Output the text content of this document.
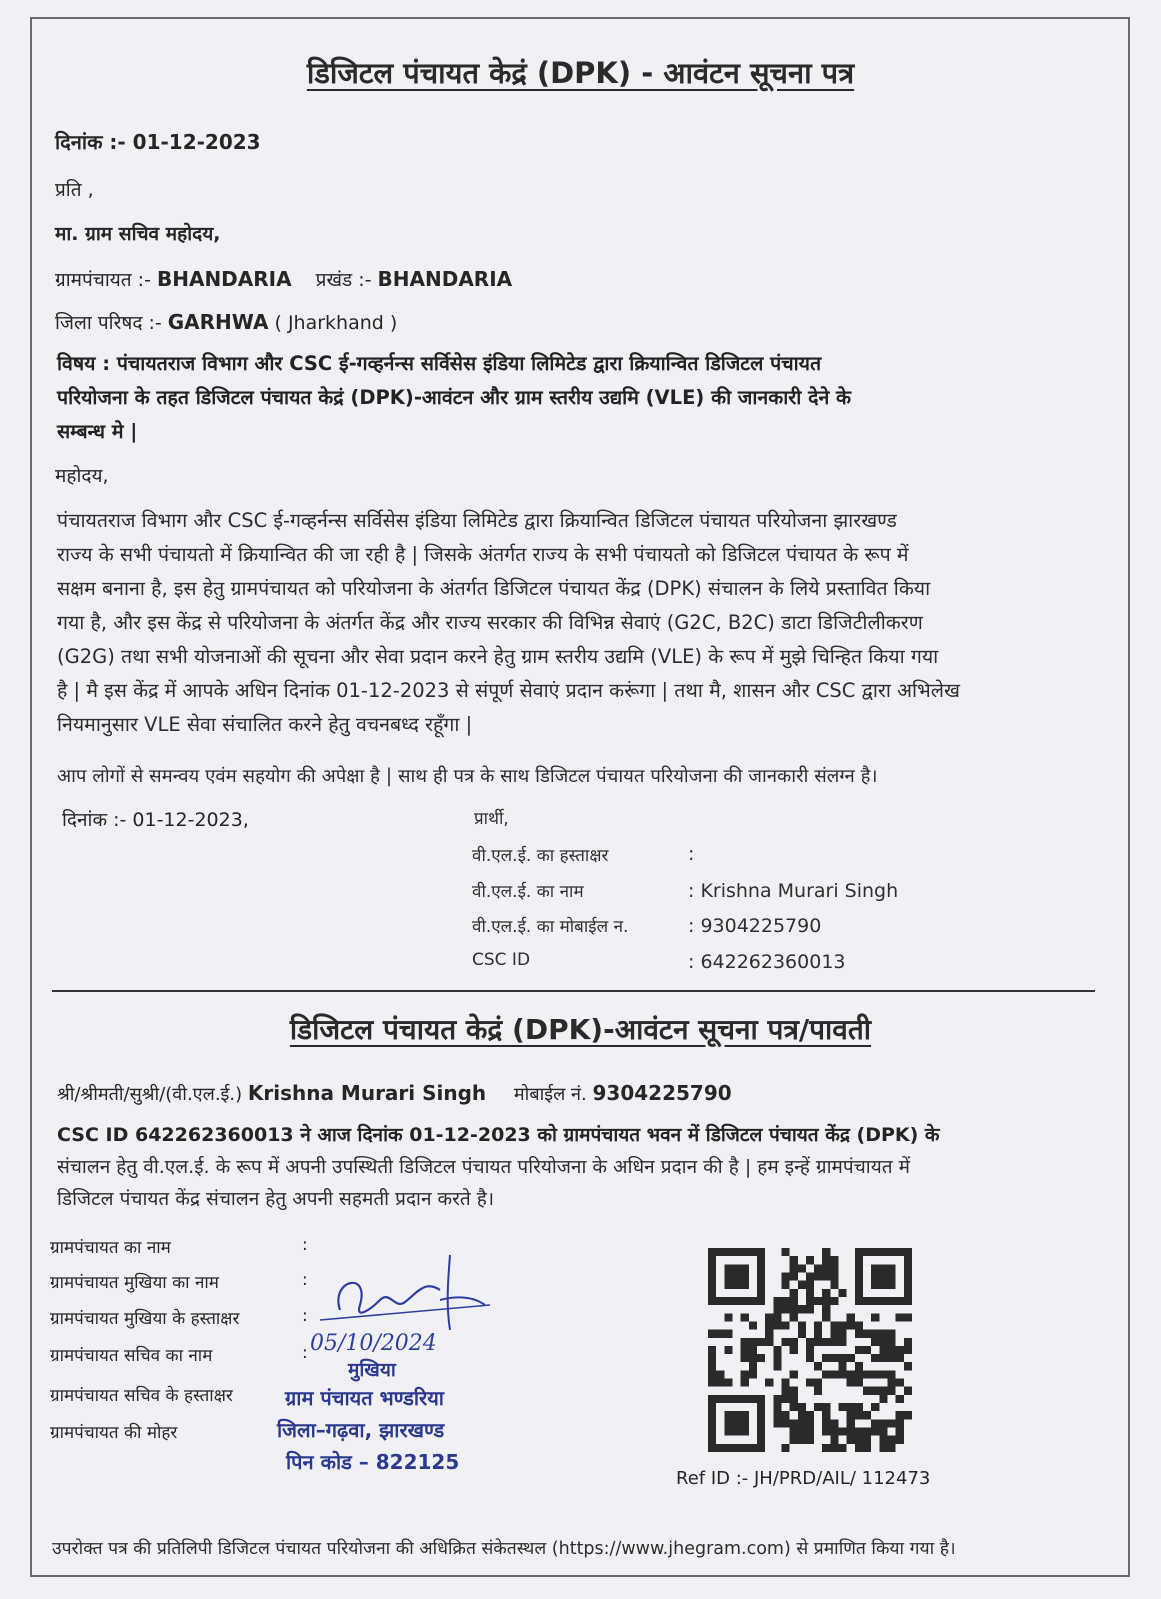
डिजिटल पंचायत केद्रं (DPK) - आवंटन सूचना पत्र
दिनांक :- 01-12-2023
प्रति ,
मा. ग्राम सचिव महोदय,
ग्रामपंचायत :- BHANDARIA प्रखंड :- BHANDARIA
जिला परिषद :- GARHWA ( Jharkhand )
विषय : पंचायतराज विभाग और CSC ई-गव्हर्नन्स सर्विसेस इंडिया लिमिटेड द्वारा क्रियान्वित डिजिटल पंचायत
परियोजना के तहत डिजिटल पंचायत केद्रं (DPK)-आवंटन और ग्राम स्तरीय उद्यमि (VLE) की जानकारी देने के
सम्बन्ध मे |
महोदय,
पंचायतराज विभाग और CSC ई-गव्हर्नन्स सर्विसेस इंडिया लिमिटेड द्वारा क्रियान्वित डिजिटल पंचायत परियोजना झारखण्ड
राज्य के सभी पंचायतो में क्रियान्वित की जा रही है | जिसके अंतर्गत राज्य के सभी पंचायतो को डिजिटल पंचायत के रूप में
सक्षम बनाना है, इस हेतु ग्रामपंचायत को परियोजना के अंतर्गत डिजिटल पंचायत केंद्र (DPK) संचालन के लिये प्रस्तावित किया
गया है, और इस केंद्र से परियोजना के अंतर्गत केंद्र और राज्य सरकार की विभिन्न सेवाएं (G2C, B2C) डाटा डिजिटीलीकरण
(G2G) तथा सभी योजनाओं की सूचना और सेवा प्रदान करने हेतु ग्राम स्तरीय उद्यमि (VLE) के रूप में मुझे चिन्हित किया गया
है | मै इस केंद्र में आपके अधिन दिनांक 01-12-2023 से संपूर्ण सेवाएं प्रदान करूंगा | तथा मै, शासन और CSC द्वारा अभिलेख
नियमानुसार VLE सेवा संचालित करने हेतु वचनबध्द रहूँगा |
आप लोगों से समन्वय एवंम सहयोग की अपेक्षा है | साथ ही पत्र के साथ डिजिटल पंचायत परियोजना की जानकारी संलग्न है।
दिनांक :- 01-12-2023,	प्रार्थी,
वी.एल.ई. का हस्ताक्षर	:
वी.एल.ई. का नाम	: Krishna Murari Singh
वी.एल.ई. का मोबाईल न.	: 9304225790
CSC ID	: 642262360013
डिजिटल पंचायत केद्रं (DPK)-आवंटन सूचना पत्र/पावती
श्री/श्रीमती/सुश्री/(वी.एल.ई.) Krishna Murari Singh मोबाईल नं. 9304225790
CSC ID 642262360013 ने आज दिनांक 01-12-2023 को ग्रामपंचायत भवन में डिजिटल पंचायत केंद्र (DPK) के
संचालन हेतु वी.एल.ई. के रूप में अपनी उपस्थिती डिजिटल पंचायत परियोजना के अधिन प्रदान की है | हम इन्हें ग्रामपंचायत में
डिजिटल पंचायत केंद्र संचालन हेतु अपनी सहमती प्रदान करते है।
ग्रामपंचायत का नाम	:
ग्रामपंचायत मुखिया का नाम	:
ग्रामपंचायत मुखिया के हस्ताक्षर	:
ग्रामपंचायत सचिव का नाम	:
ग्रामपंचायत सचिव के हस्ताक्षर
ग्रामपंचायत की मोहर
05/10/2024
मुखिया
ग्राम पंचायत भण्डरिया
जिला–गढ़वा, झारखण्ड
पिन कोड – 822125
Ref ID :- JH/PRD/AIL/ 112473
उपरोक्त पत्र की प्रतिलिपी डिजिटल पंचायत परियोजना की अधिक्रित संकेतस्थल (https://www.jhegram.com) से प्रमाणित किया गया है।
